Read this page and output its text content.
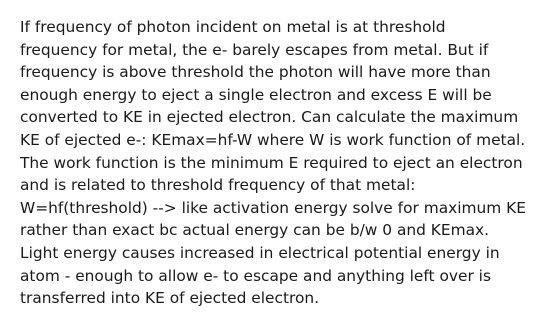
If frequency of photon incident on metal is at threshold
frequency for metal, the e- barely escapes from metal. But if
frequency is above threshold the photon will have more than
enough energy to eject a single electron and excess E will be
converted to KE in ejected electron. Can calculate the maximum
KE of ejected e-: KEmax=hf-W where W is work function of metal.
The work function is the minimum E required to eject an electron
and is related to threshold frequency of that metal:
W=hf(threshold) --> like activation energy solve for maximum KE
rather than exact bc actual energy can be b/w 0 and KEmax.
Light energy causes increased in electrical potential energy in
atom - enough to allow e- to escape and anything left over is
transferred into KE of ejected electron.
